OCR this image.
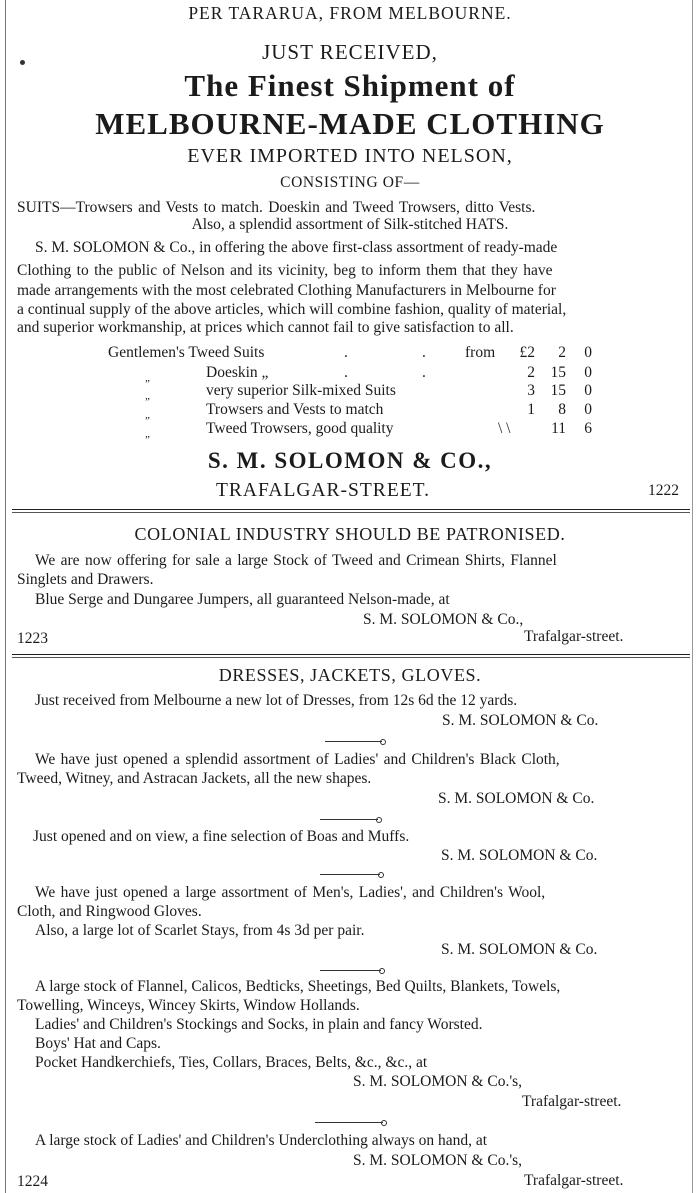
PER TARARUA, FROM MELBOURNE.
JUST RECEIVED,
The Finest Shipment of
MELBOURNE-MADE CLOTHING
EVER IMPORTED INTO NELSON,
CONSISTING OF—
SUITS—Trowsers and Vests to match. Doeskin and Tweed Trowsers, ditto Vests.
Also, a splendid assortment of Silk-stitched HATS.
S. M. SOLOMON & Co., in offering the above first-class assortment of ready-made
Clothing to the public of Nelson and its vicinity, beg to inform them that they have
made arrangements with the most celebrated Clothing Manufacturers in Melbourne for
a continual supply of the above articles, which will combine fashion, quality of material,
and superior workmanship, at prices which cannot fail to give satisfaction to all.
Gentlemen's Tweed Suits	.	.	from	£2	2	0
„	Doeskin „	.	.	2	15	0
„	very superior Silk-mixed Suits	3	15	0
„	Trowsers and Vests to match	1	8	0
„	Tweed Trowsers, good quality	\ \	11	6
S. M. SOLOMON & CO.,
TRAFALGAR-STREET.	1222
COLONIAL INDUSTRY SHOULD BE PATRONISED.
We are now offering for sale a large Stock of Tweed and Crimean Shirts, Flannel
Singlets and Drawers.
Blue Serge and Dungaree Jumpers, all guaranteed Nelson-made, at
S. M. SOLOMON & Co.,
1223	Trafalgar-street.
DRESSES, JACKETS, GLOVES.
Just received from Melbourne a new lot of Dresses, from 12s 6d the 12 yards.
S. M. SOLOMON & Co.
We have just opened a splendid assortment of Ladies' and Children's Black Cloth,
Tweed, Witney, and Astracan Jackets, all the new shapes.
S. M. SOLOMON & Co.
Just opened and on view, a fine selection of Boas and Muffs.
S. M. SOLOMON & Co.
We have just opened a large assortment of Men's, Ladies', and Children's Wool,
Cloth, and Ringwood Gloves.
Also, a large lot of Scarlet Stays, from 4s 3d per pair.
S. M. SOLOMON & Co.
A large stock of Flannel, Calicos, Bedticks, Sheetings, Bed Quilts, Blankets, Towels,
Towelling, Winceys, Wincey Skirts, Window Hollands.
Ladies' and Children's Stockings and Socks, in plain and fancy Worsted.
Boys' Hat and Caps.
Pocket Handkerchiefs, Ties, Collars, Braces, Belts, &c., &c., at
S. M. SOLOMON & Co.'s,
Trafalgar-street.
A large stock of Ladies' and Children's Underclothing always on hand, at
S. M. SOLOMON & Co.'s,
1224	Trafalgar-street.
